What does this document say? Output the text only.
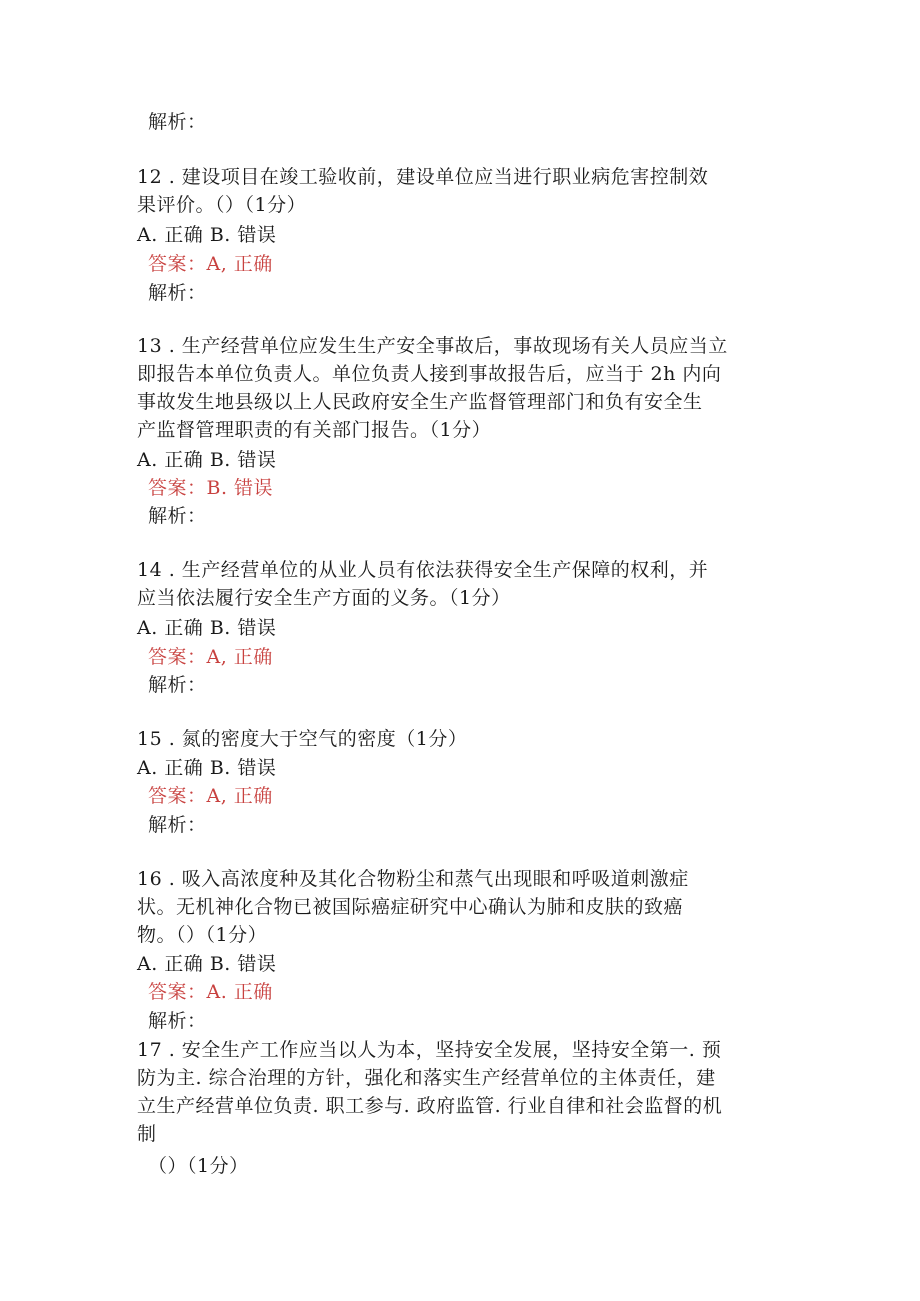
解析：
12 . 建设项目在竣工验收前，建设单位应当进行职业病危害控制效
果评价。（）（1分）
A. 正确 B. 错误
答案：A, 正确
解析：
13 . 生产经营单位应发生生产安全事故后，事故现场有关人员应当立
即报告本单位负责人。单位负责人接到事故报告后，应当于 2h 内向
事故发生地县级以上人民政府安全生产监督管理部门和负有安全生
产监督管理职责的有关部门报告。（1分）
A. 正确 B. 错误
答案：B. 错误
解析：
14 . 生产经营单位的从业人员有依法获得安全生产保障的权利，并
应当依法履行安全生产方面的义务。（1分）
A. 正确 B. 错误
答案：A, 正确
解析：
15 . 氮的密度大于空气的密度（1分）
A. 正确 B. 错误
答案：A, 正确
解析：
16 . 吸入高浓度种及其化合物粉尘和蒸气出现眼和呼吸道刺激症
状。无机神化合物已被国际癌症研究中心确认为肺和皮肤的致癌
物。（）（1分）
A. 正确 B. 错误
答案：A. 正确
解析：
17 . 安全生产工作应当以人为本，坚持安全发展，坚持安全第一. 预
防为主. 综合治理的方针，强化和落实生产经营单位的主体责任，建
立生产经营单位负责. 职工参与. 政府监管. 行业自律和社会监督的机
制
（）（1分）
